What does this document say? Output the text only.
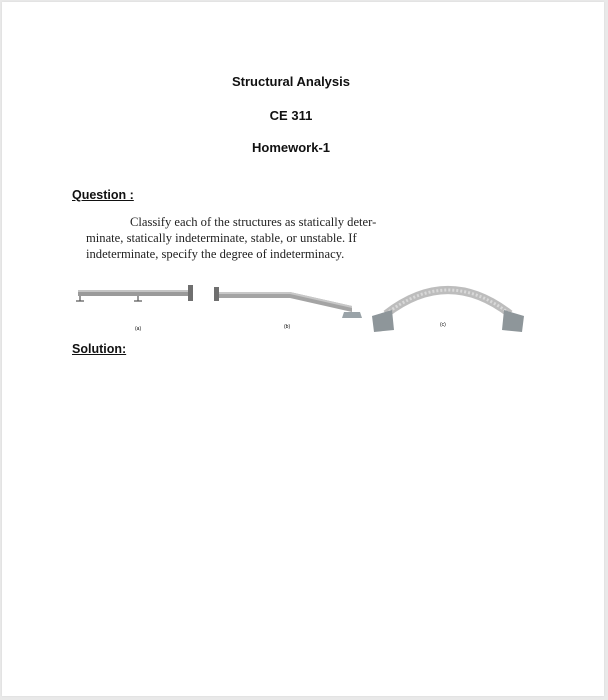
Structural Analysis
CE 311
Homework-1
Question :
Classify each of the structures as statically deter-
minate, statically indeterminate, stable, or unstable. If
indeterminate, specify the degree of indeterminacy.
(a)	(b)	(c)
Solution:
